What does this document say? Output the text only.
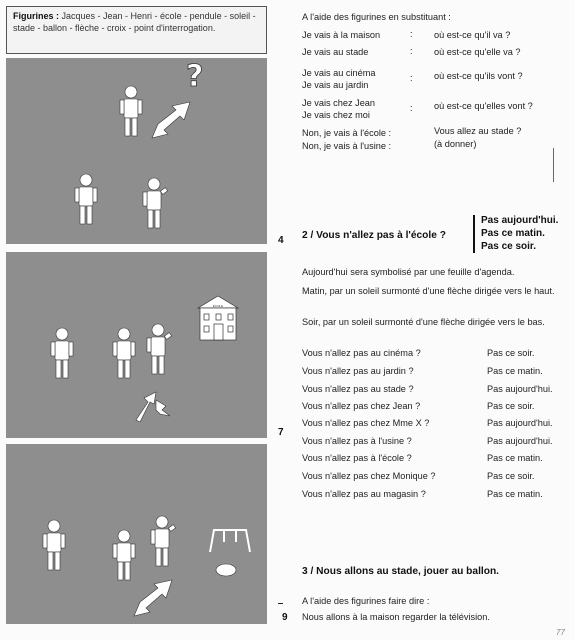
Figurines : Jacques - Jean - Henri - école - pendule - soleil - stade - ballon - flèche - croix - point d'interrogation.
?
ÉCOLE
4
7
9
A l'aide des figurines en substituant :
Je vais à la maison	: où est-ce qu'il va ?
Je vais au stade	: où est-ce qu'elle va ?
Je vais au cinéma
Je vais au jardin
: où est-ce qu'ils vont ?
Je vais chez Jean
Je vais chez moi
: où est-ce qu'elles vont ?
Non, je vais à l'école :
Non, je vais à l'usine :
Vous allez au stade ?
(à donner)
2 / Vous n'allez pas à l'école ?
Pas aujourd'hui.
Pas ce matin.
Pas ce soir.
Aujourd'hui sera symbolisé par une feuille d'agenda.
Matin, par un soleil surmonté d'une flèche dirigée vers le haut.
Soir, par un soleil surmonté d'une flèche dirigée vers le bas.
Vous n'allez pas au cinéma ?	Pas ce soir.
Vous n'allez pas au jardin ?	Pas ce matin.
Vous n'allez pas au stade ?	Pas aujourd'hui.
Vous n'allez pas chez Jean ?	Pas ce soir.
Vous n'allez pas chez Mme X ?	Pas aujourd'hui.
Vous n'allez pas à l'usine ?	Pas aujourd'hui.
Vous n'allez pas à l'école ?	Pas ce matin.
Vous n'allez pas chez Monique ?	Pas ce soir.
Vous n'allez pas au magasin ?	Pas ce matin.
3 / Nous allons au stade, jouer au ballon.
A l'aide des figurines faire dire :
Nous allons à la maison regarder la télévision.
77
